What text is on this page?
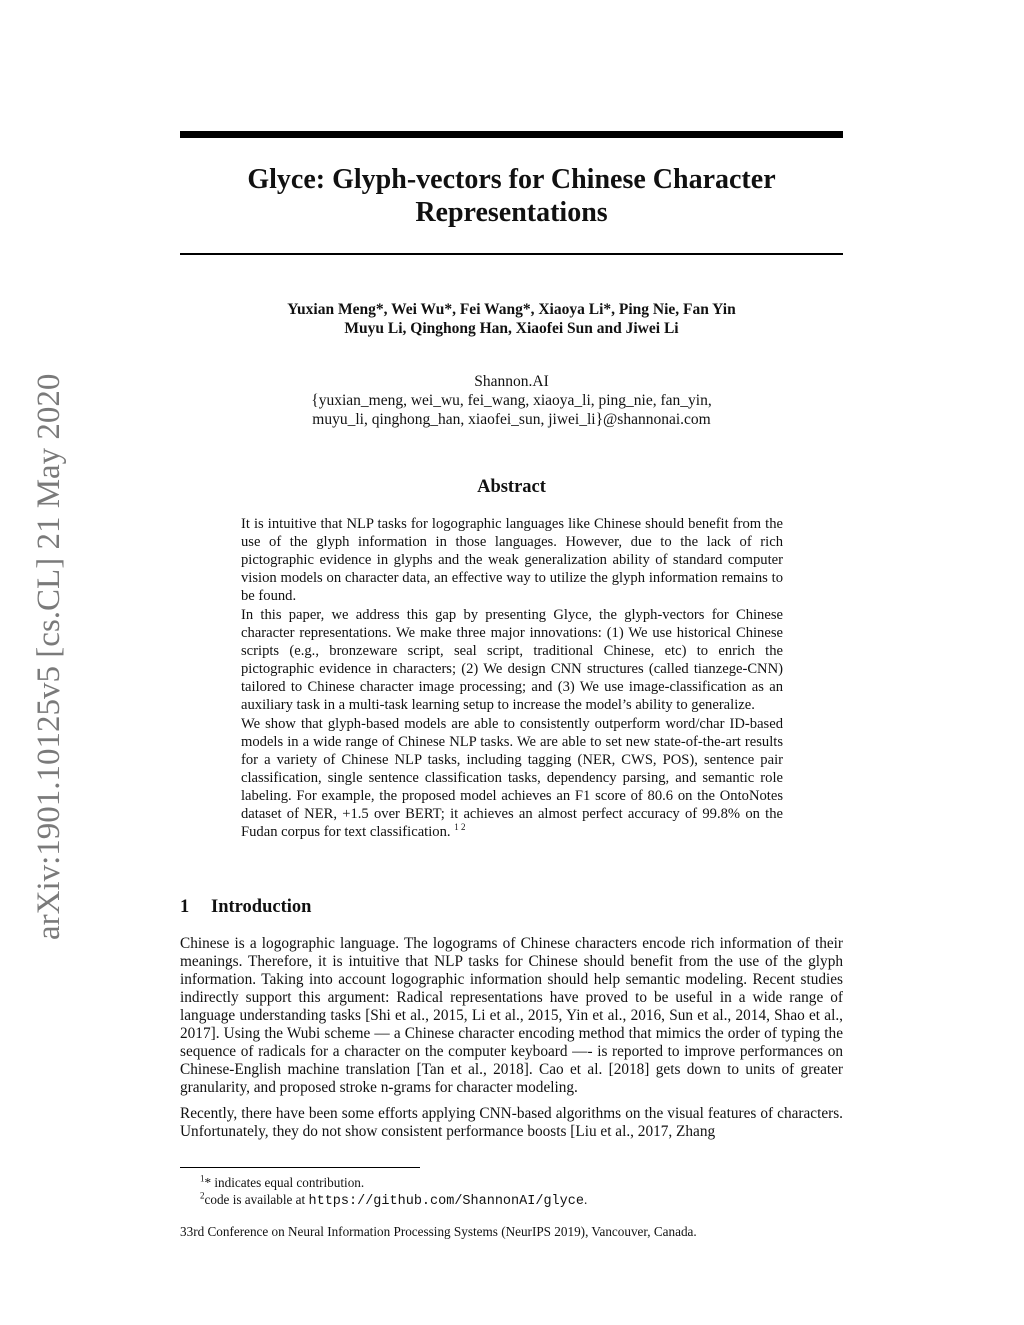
arXiv:1901.10125v5 [cs.CL] 21 May 2020
Glyce: Glyph-vectors for Chinese Character
Representations
Yuxian Meng*, Wei Wu*, Fei Wang*, Xiaoya Li*, Ping Nie, Fan Yin
Muyu Li, Qinghong Han, Xiaofei Sun and Jiwei Li
Shannon.AI
{yuxian_meng, wei_wu, fei_wang, xiaoya_li, ping_nie, fan_yin,
muyu_li, qinghong_han, xiaofei_sun, jiwei_li}@shannonai.com
Abstract

It is intuitive that NLP tasks for logographic languages like Chinese should benefit from the use of the glyph information in those languages. However, due to the lack of rich pictographic evidence in glyphs and the weak generalization ability of standard computer vision models on character data, an effective way to utilize the glyph information remains to be found.

In this paper, we address this gap by presenting Glyce, the glyph-vectors for Chinese character representations. We make three major innovations: (1) We use historical Chinese scripts (e.g., bronzeware script, seal script, traditional Chinese, etc) to enrich the pictographic evidence in characters; (2) We design CNN structures (called tianzege-CNN) tailored to Chinese character image processing; and (3) We use image-classification as an auxiliary task in a multi-task learning setup to increase the model’s ability to generalize.

We show that glyph-based models are able to consistently outperform word/char ID-based models in a wide range of Chinese NLP tasks. We are able to set new state-of-the-art results for a variety of Chinese NLP tasks, including tagging (NER, CWS, POS), sentence pair classification, single sentence classification tasks, dependency parsing, and semantic role labeling. For example, the proposed model achieves an F1 score of 80.6 on the OntoNotes dataset of NER, +1.5 over BERT; it achieves an almost perfect accuracy of 99.8% on the Fudan corpus for text classification. $^{1 2}$

1 Introduction

Chinese is a logographic language. The logograms of Chinese characters encode rich information of their meanings. Therefore, it is intuitive that NLP tasks for Chinese should benefit from the use of the glyph information. Taking into account logographic information should help semantic modeling. Recent studies indirectly support this argument: Radical representations have proved to be useful in a wide range of language understanding tasks [Shi et al., 2015, Li et al., 2015, Yin et al., 2016, Sun et al., 2014, Shao et al., 2017]. Using the Wubi scheme — a Chinese character encoding method that mimics the order of typing the sequence of radicals for a character on the computer keyboard —- is reported to improve performances on Chinese-English machine translation [Tan et al., 2018]. Cao et al. [2018] gets down to units of greater granularity, and proposed stroke n-grams for character modeling.

Recently, there have been some efforts applying CNN-based algorithms on the visual features of characters. Unfortunately, they do not show consistent performance boosts [Liu et al., 2017, Zhang

$^1$* indicates equal contribution.
$^2$code is available at https://github.com/ShannonAI/glyce.
33rd Conference on Neural Information Processing Systems (NeurIPS 2019), Vancouver, Canada.
